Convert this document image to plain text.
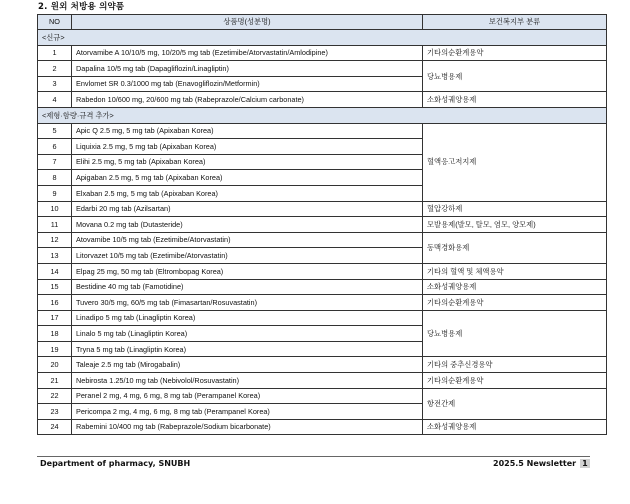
2. 원외 처방용 의약품
NO	상품명(성분명)	보건복지부 분류
<신규>		
1	Atorvamibe A 10/10/5 mg, 10/20/5 mg tab (Ezetimibe/Atorvastatin/Amlodipine)	기타의순환계용약
2	Dapalina 10/5 mg tab (Dapagliflozin/Linagliptin)	당뇨병용제
3	Envlomet SR 0.3/1000 mg tab (Enavogliflozin/Metformin)	
4	Rabedon 10/600 mg, 20/600 mg tab (Rabeprazole/Calcium carbonate)	소화성궤양용제
<제형·함량·규격 추가>		
5	Apic Q 2.5 mg, 5 mg tab (Apixaban Korea)	혈액응고저지제
6	Liquixia 2.5 mg, 5 mg tab (Apixaban Korea)	
7	Elihi 2.5 mg, 5 mg tab (Apixaban Korea)	
8	Apigaban 2.5 mg, 5 mg tab (Apixaban Korea)	
9	Elxaban 2.5 mg, 5 mg tab (Apixaban Korea)	
10	Edarbi 20 mg tab (Azilsartan)	혈압강하제
11	Movana 0.2 mg tab (Dutasteride)	모발용제(발모, 탈모, 염모, 양모제)
12	Atovamibe 10/5 mg tab (Ezetimibe/Atorvastatin)	동맥경화용제
13	Litorvazet 10/5 mg tab (Ezetimibe/Atorvastatin)	
14	Elpag 25 mg, 50 mg tab (Eltrombopag Korea)	기타의 혈액 및 체액용약
15	Bestidine 40 mg tab (Famotidine)	소화성궤양용제
16	Tuvero 30/5 mg, 60/5 mg tab (Fimasartan/Rosuvastatin)	기타의순환계용약
17	Linadipo 5 mg tab (Linagliptin Korea)	당뇨병용제
18	Linalo 5 mg tab (Linagliptin Korea)	
19	Tryna 5 mg tab (Linagliptin Korea)	
20	Taleaje 2.5 mg tab (Mirogabalin)	기타의 중추신경용약
21	Nebirosta 1.25/10 mg tab (Nebivolol/Rosuvastatin)	기타의순환계용약
22	Peranel 2 mg, 4 mg, 6 mg, 8 mg tab (Perampanel Korea)	항전간제
23	Pericompa 2 mg, 4 mg, 6 mg, 8 mg tab (Perampanel Korea)	
24	Rabemini 10/400 mg tab (Rabeprazole/Sodium bicarbonate)	소화성궤양용제
Department of pharmacy, SNUBH	2025.5 Newsletter 1
